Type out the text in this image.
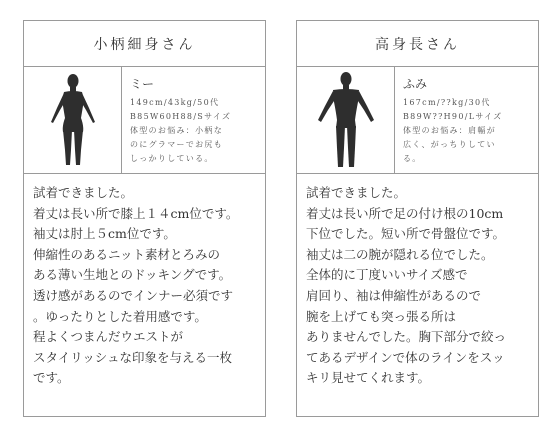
小柄細身さん
ミー
149cm/43kg/50代
B85W60H88/Sサイズ
体型のお悩み：小柄な
のにグラマーでお尻も
しっかりしている。
試着できました。
着丈は長い所で膝上１４cm位です。
袖丈は肘上５cm位です。
伸縮性のあるニット素材とろみの
ある薄い生地とのドッキングです。
透け感があるのでインナー必須です
。ゆったりとした着用感です。
程よくつまんだウエストが
スタイリッシュな印象を与える一枚
です。
高身長さん
ふみ
167cm/??kg/30代
B89W??H90/Lサイズ
体型のお悩み：肩幅が
広く、がっちりしてい
る。
試着できました。
着丈は長い所で足の付け根の10cm
下位でした。短い所で骨盤位です。
袖丈は二の腕が隠れる位でした。
全体的に丁度いいサイズ感で
肩回り、袖は伸縮性があるので
腕を上げても突っ張る所は
ありませんでした。胸下部分で絞っ
てあるデザインで体のラインをスッ
キリ見せてくれます。
